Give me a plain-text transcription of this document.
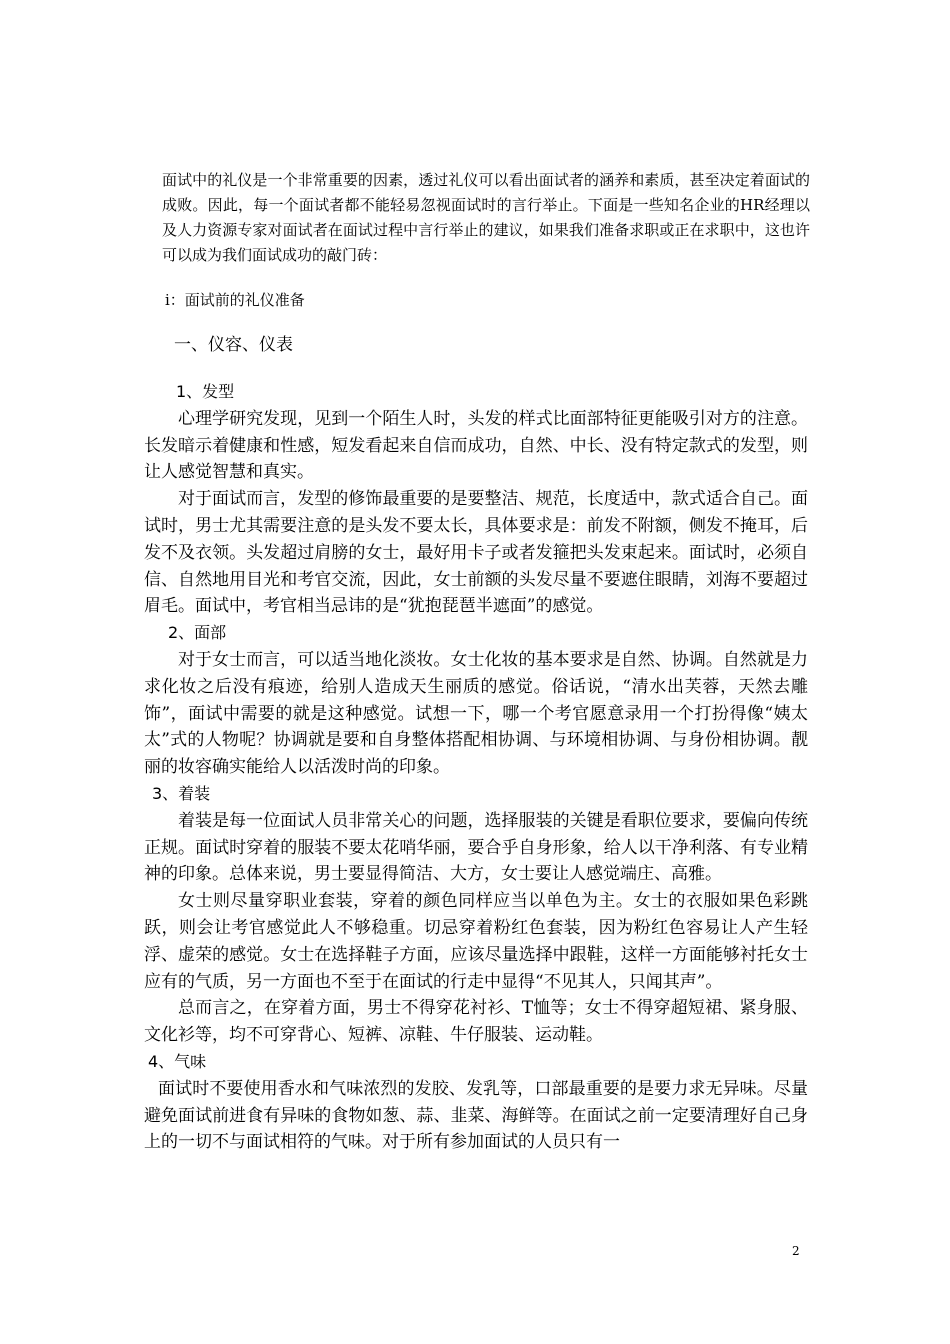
面试中的礼仪是一个非常重要的因素，透过礼仪可以看出面试者的涵养和素质，甚至决定着面试的成败。因此，每一个面试者都不能轻易忽视面试时的言行举止。下面是一些知名企业的HR经理以及人力资源专家对面试者在面试过程中言行举止的建议，如果我们准备求职或正在求职中，这也许可以成为我们面试成功的敲门砖：

i：面试前的礼仪准备

一、仪容、仪表

1、发型

心理学研究发现，见到一个陌生人时，头发的样式比面部特征更能吸引对方的注意。长发暗示着健康和性感，短发看起来自信而成功，自然、中长、没有特定款式的发型，则让人感觉智慧和真实。

对于面试而言，发型的修饰最重要的是要整洁、规范，长度适中，款式适合自己。面试时，男士尤其需要注意的是头发不要太长，具体要求是：前发不附额，侧发不掩耳，后发不及衣领。头发超过肩膀的女士，最好用卡子或者发箍把头发束起来。面试时，必须自信、自然地用目光和考官交流，因此，女士前额的头发尽量不要遮住眼睛，刘海不要超过眉毛。面试中，考官相当忌讳的是“犹抱琵琶半遮面”的感觉。

2、面部

对于女士而言，可以适当地化淡妆。女士化妆的基本要求是自然、协调。自然就是力求化妆之后没有痕迹，给别人造成天生丽质的感觉。俗话说，“清水出芙蓉，天然去雕饰”，面试中需要的就是这种感觉。试想一下，哪一个考官愿意录用一个打扮得像“姨太太”式的人物呢？协调就是要和自身整体搭配相协调、与环境相协调、与身份相协调。靓丽的妆容确实能给人以活泼时尚的印象。

3、着装

着装是每一位面试人员非常关心的问题，选择服装的关键是看职位要求，要偏向传统正规。面试时穿着的服装不要太花哨华丽，要合乎自身形象，给人以干净利落、有专业精神的印象。总体来说，男士要显得简洁、大方，女士要让人感觉端庄、高雅。

女士则尽量穿职业套装，穿着的颜色同样应当以单色为主。女士的衣服如果色彩跳跃，则会让考官感觉此人不够稳重。切忌穿着粉红色套装，因为粉红色容易让人产生轻浮、虚荣的感觉。女士在选择鞋子方面，应该尽量选择中跟鞋，这样一方面能够衬托女士应有的气质，另一方面也不至于在面试的行走中显得“不见其人，只闻其声”。

总而言之，在穿着方面，男士不得穿花衬衫、T恤等；女士不得穿超短裙、紧身服、文化衫等，均不可穿背心、短裤、凉鞋、牛仔服装、运动鞋。

4、气味

面试时不要使用香水和气味浓烈的发胶、发乳等，口部最重要的是要力求无异味。尽量避免面试前进食有异味的食物如葱、蒜、韭菜、海鲜等。在面试之前一定要清理好自己身上的一切不与面试相符的气味。对于所有参加面试的人员只有一

2
